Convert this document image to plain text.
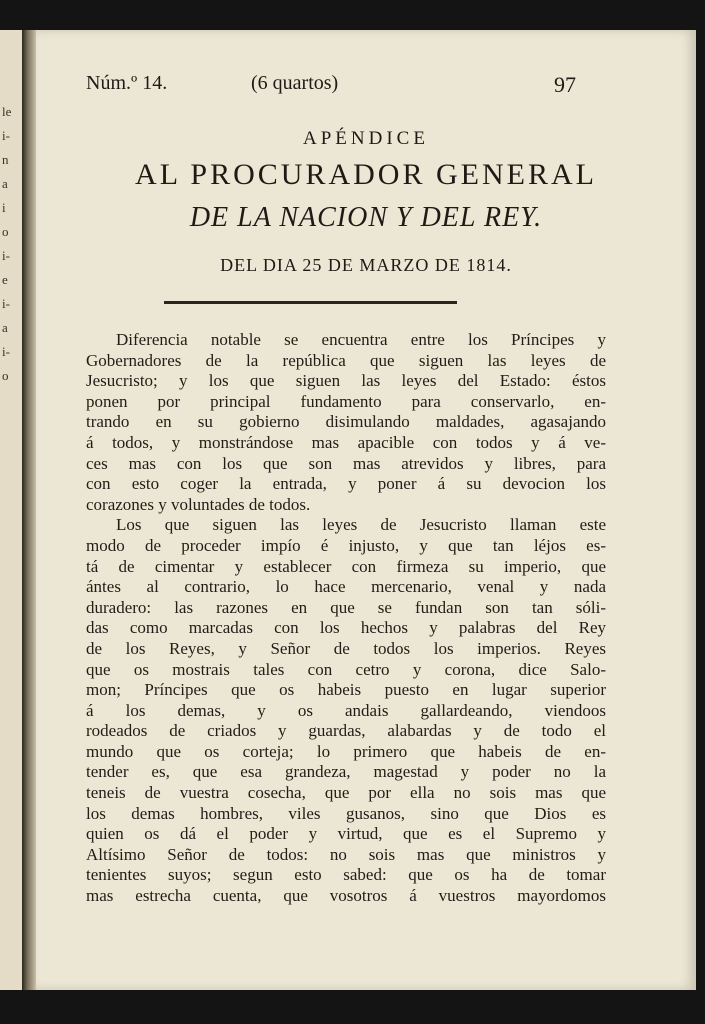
le
i-
n
a
i
o
i-
e
i-
a
i-
o
Núm.º 14.	(6 quartos)	97
APÉNDICE
AL PROCURADOR GENERAL
DE LA NACION Y DEL REY.
DEL DIA 25 DE MARZO DE 1814.
Diferencia notable se encuentra entre los Príncipes y
Gobernadores de la república que siguen las leyes de
Jesucristo; y los que siguen las leyes del Estado: éstos
ponen por principal fundamento para conservarlo, en-
trando en su gobierno disimulando maldades, agasajando
á todos, y monstrándose mas apacible con todos y á ve-
ces mas con los que son mas atrevidos y libres, para
con esto coger la entrada, y poner á su devocion los
corazones y voluntades de todos.
Los que siguen las leyes de Jesucristo llaman este
modo de proceder impío é injusto, y que tan léjos es-
tá de cimentar y establecer con firmeza su imperio, que
ántes al contrario, lo hace mercenario, venal y nada
duradero: las razones en que se fundan son tan sóli-
das como marcadas con los hechos y palabras del Rey
de los Reyes, y Señor de todos los imperios. Reyes
que os mostrais tales con cetro y corona, dice Salo-
mon; Príncipes que os habeis puesto en lugar superior
á los demas, y os andais gallardeando, viendoos
rodeados de criados y guardas, alabardas y de todo el
mundo que os corteja; lo primero que habeis de en-
tender es, que esa grandeza, magestad y poder no la
teneis de vuestra cosecha, que por ella no sois mas que
los demas hombres, viles gusanos, sino que Dios es
quien os dá el poder y virtud, que es el Supremo y
Altísimo Señor de todos: no sois mas que ministros y
tenientes suyos; segun esto sabed: que os ha de tomar
mas estrecha cuenta, que vosotros á vuestros mayordomos
